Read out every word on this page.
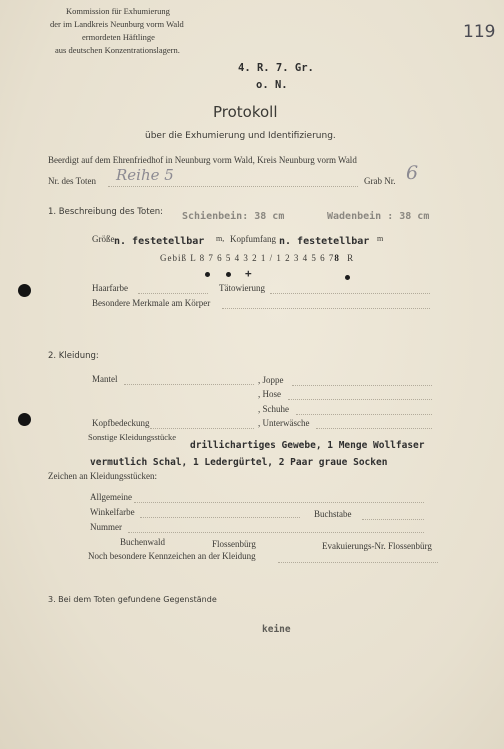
Kommission für Exhumierung
der im Landkreis Neunburg vorm Wald
ermordeten Häftlinge
aus deutschen Konzentrationslagern.
119
4. R. 7. Gr.
o. N.
Protokoll
über die Exhumierung und Identifizierung.
Beerdigt auf dem Ehrenfriedhof in Neunburg vorm Wald, Kreis Neunburg vorm Wald
Nr. des Toten Reihe 5	Grab Nr. 6
1. Beschreibung des Toten: Schienbein: 38 cm	Wadenbein : 38 cm
Größe n. festetellbar m, Kopfumfang n. festetellbar m
Gebiß L 8 7 6 5 4 3 2 1 / 1 2 3 4 5 6 78 R
+
Haarfarbe	Tätowierung
Besondere Merkmale am Körper
2. Kleidung:
Mantel	, Joppe
, Hose
, Schuhe
Kopfbedeckung	, Unterwäsche
Sonstige Kleidungsstücke
drillichartiges Gewebe, 1 Menge Wollfaser
vermutlich Schal, 1 Ledergürtel, 2 Paar graue Socken
Zeichen an Kleidungsstücken:
Allgemeine
Winkelfarbe	Buchstabe
Nummer
Buchenwald	Flossenbürg	Evakuierungs-Nr. Flossenbürg
Noch besondere Kennzeichen an der Kleidung
3. Bei dem Toten gefundene Gegenstände
keine
